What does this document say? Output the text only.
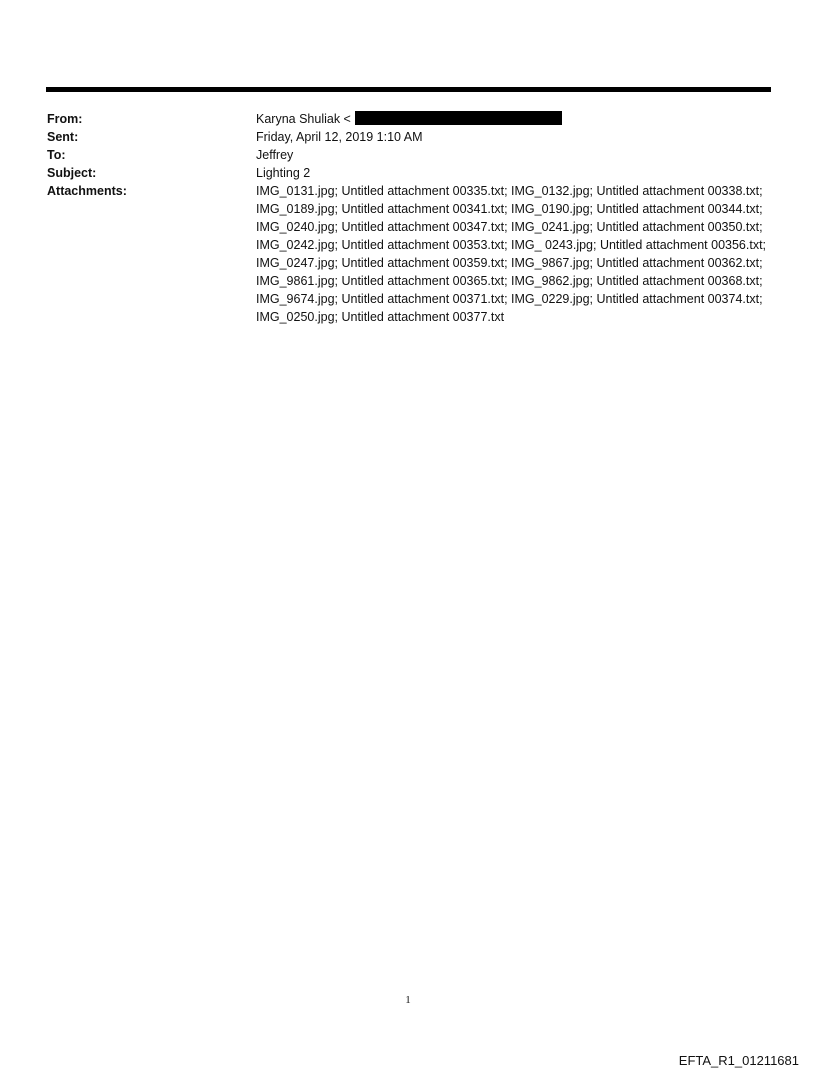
From:	Karyna Shuliak <
Sent:	Friday, April 12, 2019 1:10 AM
To:	Jeffrey
Subject:	Lighting 2
Attachments:	IMG_0131.jpg; Untitled attachment 00335.txt; IMG_0132.jpg; Untitled attachment 00338.txt; IMG_0189.jpg; Untitled attachment 00341.txt; IMG_0190.jpg; Untitled attachment 00344.txt; IMG_0240.jpg; Untitled attachment 00347.txt; IMG_0241.jpg; Untitled attachment 00350.txt; IMG_0242.jpg; Untitled attachment 00353.txt; IMG_ 0243.jpg; Untitled attachment 00356.txt; IMG_0247.jpg; Untitled attachment 00359.txt; IMG_9867.jpg; Untitled attachment 00362.txt; IMG_9861.jpg; Untitled attachment 00365.txt; IMG_9862.jpg; Untitled attachment 00368.txt; IMG_9674.jpg; Untitled attachment 00371.txt; IMG_0229.jpg; Untitled attachment 00374.txt; IMG_0250.jpg; Untitled attachment 00377.txt
1
EFTA_R1_01211681
